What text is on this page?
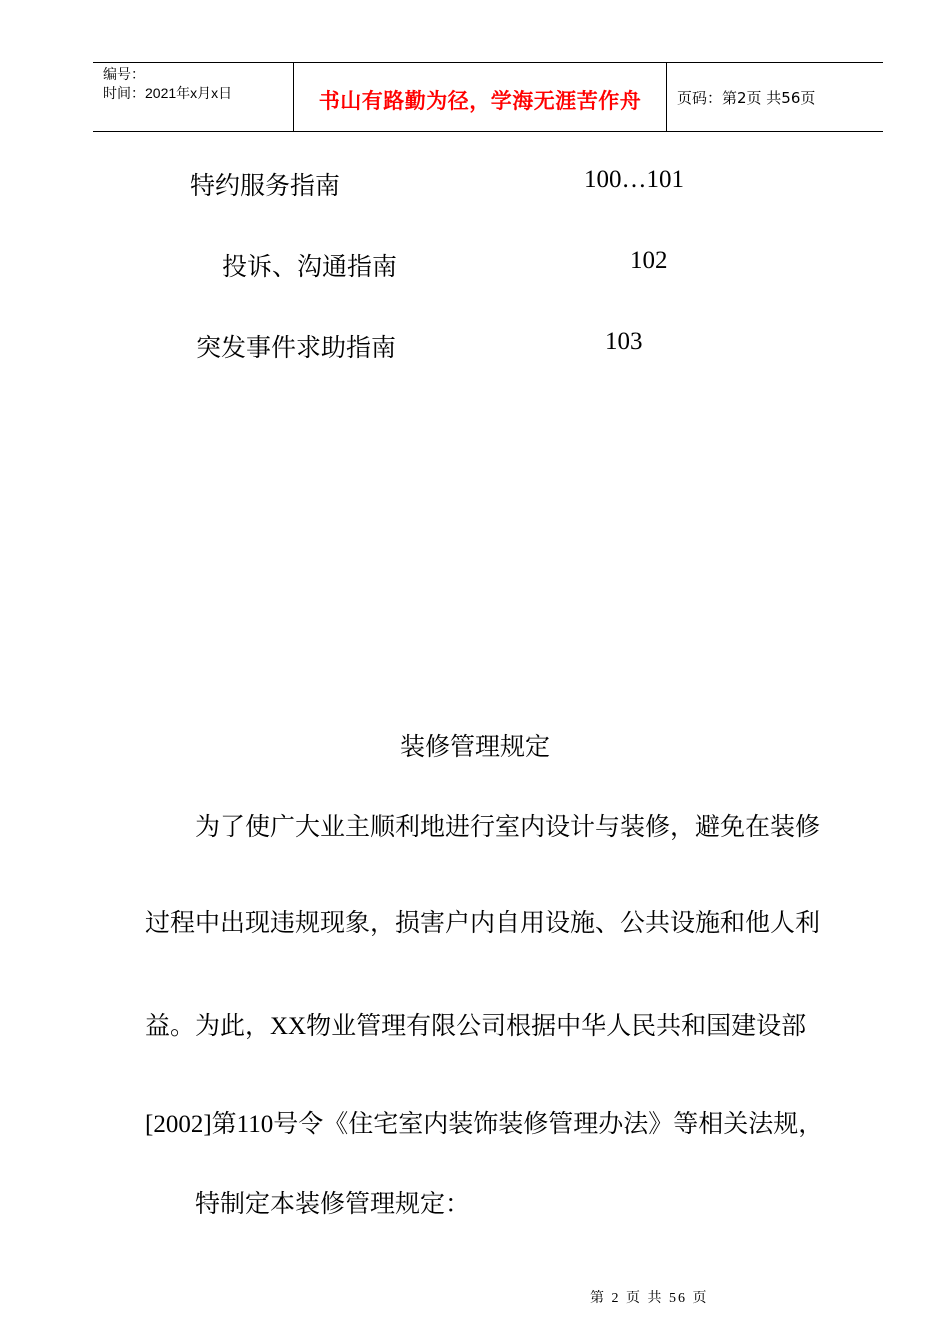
编号：
时间：2021年x月x日	书山有路勤为径，学海无涯苦作舟	页码：第2页 共56页
特约服务指南	100…101
投诉、沟通指南	102
突发事件求助指南	103
装修管理规定
为了使广大业主顺利地进行室内设计与装修，避免在装修
过程中出现违规现象，损害户内自用设施、公共设施和他人利
益。为此，XX物业管理有限公司根据中华人民共和国建设部
[2002]第110号令《住宅室内装饰装修管理办法》等相关法规，
特制定本装修管理规定：
第 2 页 共 56 页
